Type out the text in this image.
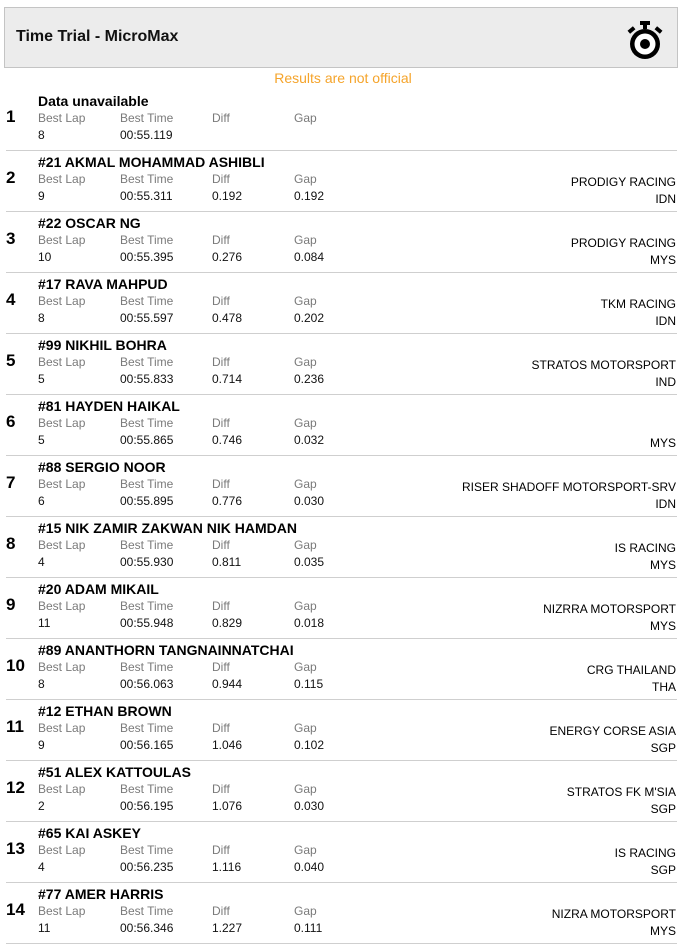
Time Trial - MicroMax
Results are not official
1
Data unavailable
Best Lap	Best Time	Diff	Gap
8	00:55.119
2
#21 AKMAL MOHAMMAD ASHIBLI
Best Lap	Best Time	Diff	Gap
9	00:55.311	0.192	0.192
PRODIGY RACING
IDN
3
#22 OSCAR NG
Best Lap	Best Time	Diff	Gap
10	00:55.395	0.276	0.084
PRODIGY RACING
MYS
4
#17 RAVA MAHPUD
Best Lap	Best Time	Diff	Gap
8	00:55.597	0.478	0.202
TKM RACING
IDN
5
#99 NIKHIL BOHRA
Best Lap	Best Time	Diff	Gap
5	00:55.833	0.714	0.236
STRATOS MOTORSPORT
IND
6
#81 HAYDEN HAIKAL
Best Lap	Best Time	Diff	Gap
5	00:55.865	0.746	0.032	MYS
7
#88 SERGIO NOOR
Best Lap	Best Time	Diff	Gap
6	00:55.895	0.776	0.030
RISER SHADOFF MOTORSPORT-SRV
IDN
8
#15 NIK ZAMIR ZAKWAN NIK HAMDAN
Best Lap	Best Time	Diff	Gap
4	00:55.930	0.811	0.035
IS RACING
MYS
9
#20 ADAM MIKAIL
Best Lap	Best Time	Diff	Gap
11	00:55.948	0.829	0.018
NIZRRA MOTORSPORT
MYS
10
#89 ANANTHORN TANGNAINNATCHAI
Best Lap	Best Time	Diff	Gap
8	00:56.063	0.944	0.115
CRG THAILAND
THA
11
#12 ETHAN BROWN
Best Lap	Best Time	Diff	Gap
9	00:56.165	1.046	0.102
ENERGY CORSE ASIA
SGP
12
#51 ALEX KATTOULAS
Best Lap	Best Time	Diff	Gap
2	00:56.195	1.076	0.030
STRATOS FK M'SIA
SGP
13
#65 KAI ASKEY
Best Lap	Best Time	Diff	Gap
4	00:56.235	1.116	0.040
IS RACING
SGP
14
#77 AMER HARRIS
Best Lap	Best Time	Diff	Gap
11	00:56.346	1.227	0.111
NIZRA MOTORSPORT
MYS
